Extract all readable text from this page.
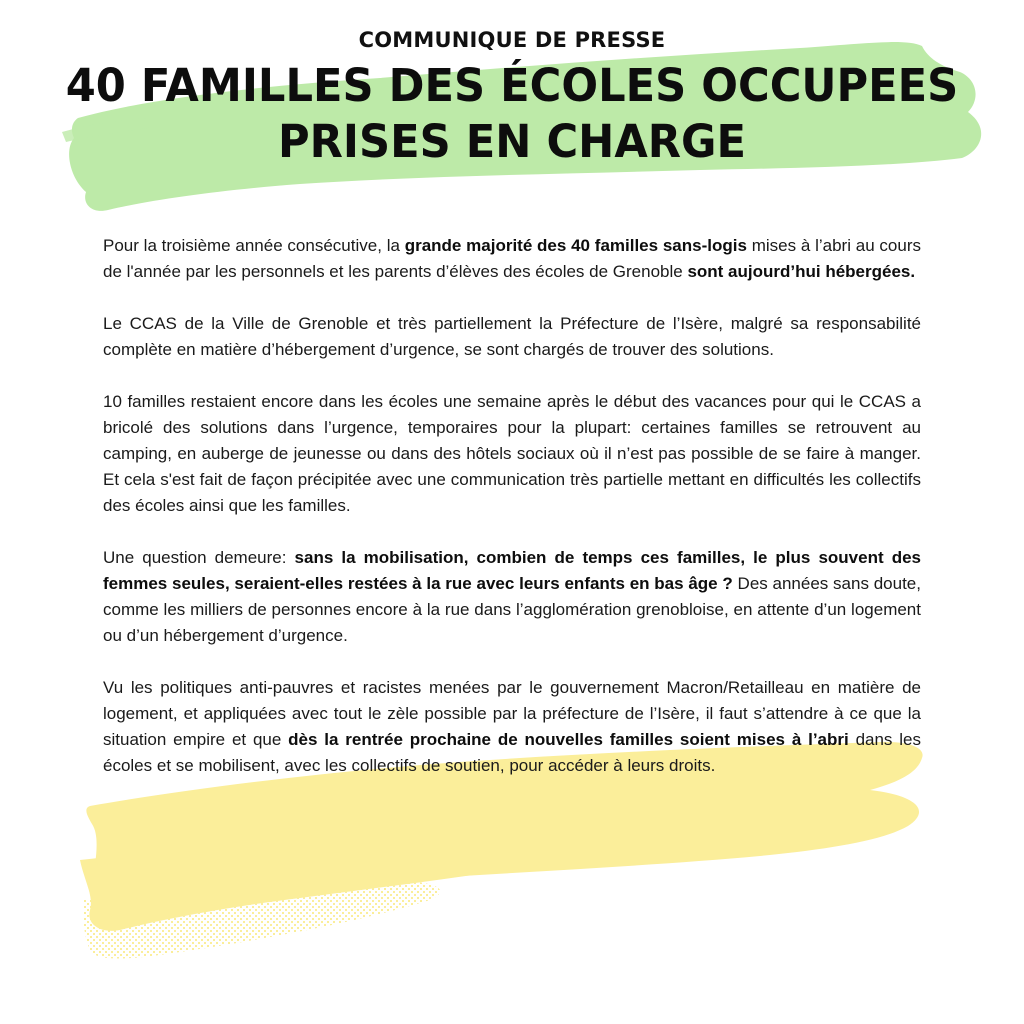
COMMUNIQUE DE PRESSE
40 FAMILLES DES ÉCOLES OCCUPEES
PRISES EN CHARGE

Pour la troisième année consécutive, la grande majorité des 40 familles sans-logis mises à l’abri au cours de l'année par les personnels et les parents d’élèves des écoles de Grenoble sont aujourd’hui hébergées.

Le CCAS de la Ville de Grenoble et très partiellement la Préfecture de l’Isère, malgré sa responsabilité complète en matière d’hébergement d’urgence, se sont chargés de trouver des solutions.

10 familles restaient encore dans les écoles une semaine après le début des vacances pour qui le CCAS a bricolé des solutions dans l’urgence, temporaires pour la plupart: certaines familles se retrouvent au camping, en auberge de jeunesse ou dans des hôtels sociaux où il n’est pas possible de se faire à manger. Et cela s'est fait de façon précipitée avec une communication très partielle mettant en difficultés les collectifs des écoles ainsi que les familles.

Une question demeure: sans la mobilisation, combien de temps ces familles, le plus souvent des femmes seules, seraient-elles restées à la rue avec leurs enfants en bas âge ? Des années sans doute, comme les milliers de personnes encore à la rue dans l’agglomération grenobloise, en attente d’un logement ou d’un hébergement d’urgence.

Vu les politiques anti-pauvres et racistes menées par le gouvernement Macron/Retailleau en matière de logement, et appliquées avec tout le zèle possible par la préfecture de l’Isère, il faut s’attendre à ce que la situation empire et que dès la rentrée prochaine de nouvelles familles soient mises à l’abri dans les écoles et se mobilisent, avec les collectifs de soutien, pour accéder à leurs droits.
